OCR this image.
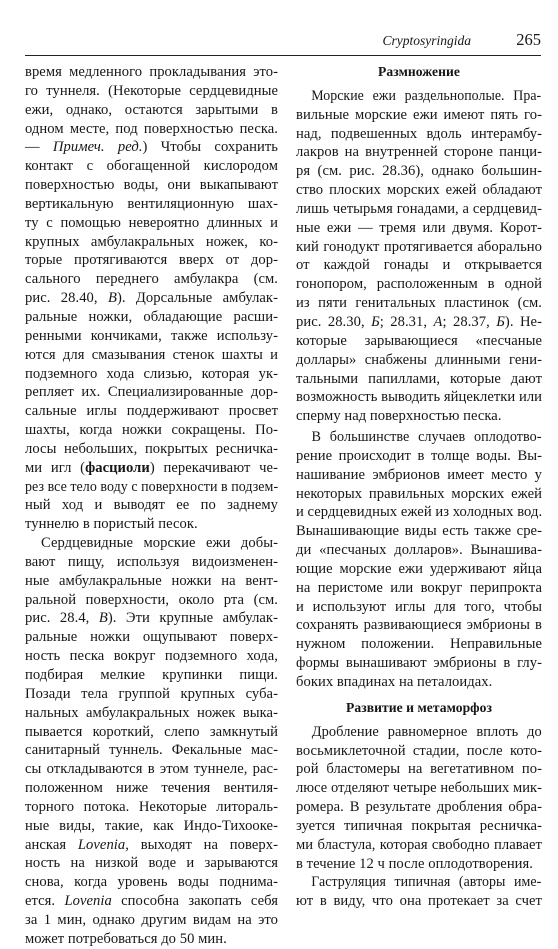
Cryptosyringida	265
время медленного прокладывания это-
го туннеля. (Некоторые сердцевидные
ежи, однако, остаются зарытыми в
одном месте, под поверхностью песка.
— Примеч. ред.) Чтобы сохранить
контакт с обогащенной кислородом
поверхностью воды, они выкапывают
вертикальную вентиляционную шах-
ту с помощью невероятно длинных и
крупных амбулакральных ножек, ко-
торые протягиваются вверх от дор-
сального переднего амбулакра (см.
рис. 28.40, В). Дорсальные амбулак-
ральные ножки, обладающие расши-
ренными кончиками, также использу-
ются для смазывания стенок шахты и
подземного хода слизью, которая ук-
репляет их. Специализированные дор-
сальные иглы поддерживают просвет
шахты, когда ножки сокращены. По-
лосы небольших, покрытых ресничка-
ми игл (фасциоли) перекачивают че-
рез все тело воду с поверхности в подзем-
ный ход и выводят ее по заднему
туннелю в пористый песок.
Сердцевидные морские ежи добы-
вают пищу, используя видоизменен-
ные амбулакральные ножки на вент-
ральной поверхности, около рта (см.
рис. 28.4, В). Эти крупные амбулак-
ральные ножки ощупывают поверх-
ность песка вокруг подземного хода,
подбирая мелкие крупинки пищи.
Позади тела группой крупных суба-
нальных амбулакральных ножек выка-
пывается короткий, слепо замкнутый
санитарный туннель. Фекальные мас-
сы откладываются в этом туннеле, рас-
положенном ниже течения вентиля-
торного потока. Некоторые литораль-
ные виды, такие, как Индо-Тихооке-
анская Lovenia, выходят на поверх-
ность на низкой воде и зарываются
снова, когда уровень воды поднима-
ется. Lovenia способна закопать себя
за 1 мин, однако другим видам на это
может потребоваться до 50 мин.
Размножение
Морские ежи раздельнополые. Пра-
вильные морские ежи имеют пять го-
над, подвешенных вдоль интерамбу-
лакров на внутренней стороне панци-
ря (см. рис. 28.36), однако большин-
ство плоских морских ежей обладают
лишь четырьмя гонадами, а сердцевид-
ные ежи — тремя или двумя. Корот-
кий гонодукт протягивается аборально
от каждой гонады и открывается
гонопором, расположенным в одной
из пяти генитальных пластинок (см.
рис. 28.30, Б; 28.31, А; 28.37, Б). Не-
которые зарывающиеся «песчаные
доллары» снабжены длинными гени-
тальными папиллами, которые дают
возможность выводить яйцеклетки или
сперму над поверхностью песка.
В большинстве случаев оплодотво-
рение происходит в толще воды. Вы-
нашивание эмбрионов имеет место у
некоторых правильных морских ежей
и сердцевидных ежей из холодных вод.
Вынашивающие виды есть также сре-
ди «песчаных долларов». Вынашива-
ющие морские ежи удерживают яйца
на перистоме или вокруг перипрокта
и используют иглы для того, чтобы
сохранять развивающиеся эмбрионы в
нужном положении. Неправильные
формы вынашивают эмбрионы в глу-
боких впадинах на петалоидах.
Развитие и метаморфоз
Дробление равномерное вплоть до
восьмиклеточной стадии, после кото-
рой бластомеры на вегетативном по-
люсе отделяют четыре небольших мик-
ромера. В результате дробления обра-
зуется типичная покрытая ресничка-
ми бластула, которая свободно плавает
в течение 12 ч после оплодотворения.
Гаструляция типичная (авторы име-
ют в виду, что она протекает за счет
